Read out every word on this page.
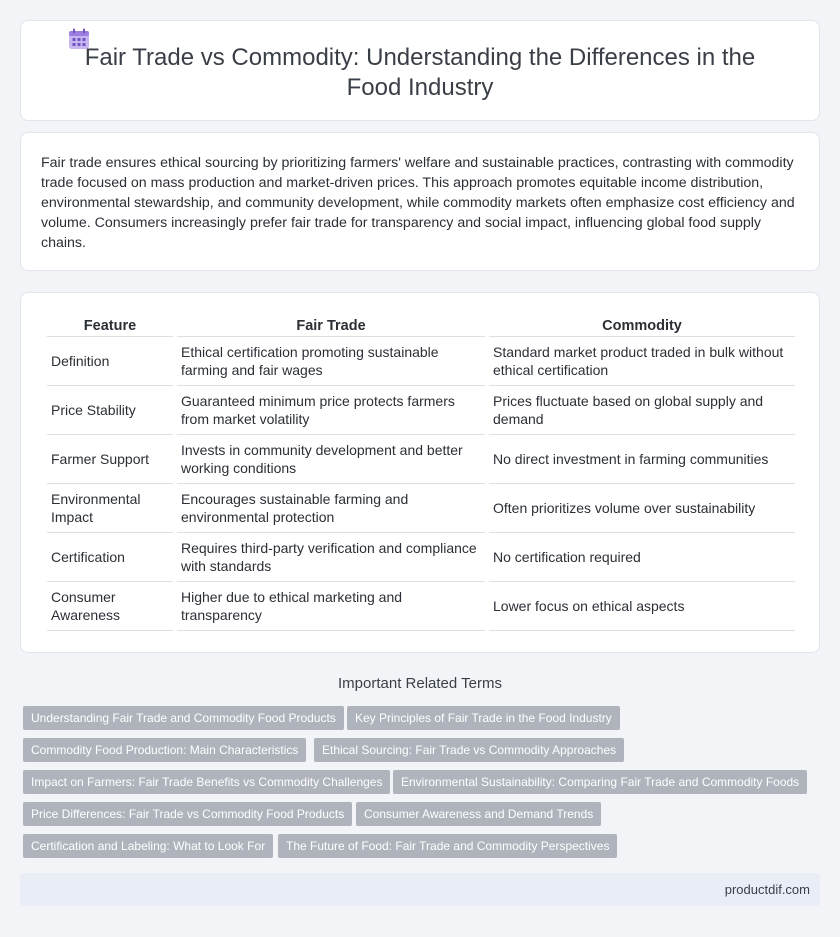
Fair Trade vs Commodity: Understanding the Differences in the Food Industry

Fair trade ensures ethical sourcing by prioritizing farmers' welfare and sustainable practices, contrasting with commodity trade focused on mass production and market-driven prices. This approach promotes equitable income distribution, environmental stewardship, and community development, while commodity markets often emphasize cost efficiency and volume. Consumers increasingly prefer fair trade for transparency and social impact, influencing global food supply chains.

Feature	Fair Trade	Commodity
Definition	Ethical certification promoting sustainable farming and fair wages	Standard market product traded in bulk without ethical certification
Price Stability	Guaranteed minimum price protects farmers from market volatility	Prices fluctuate based on global supply and demand
Farmer Support	Invests in community development and better working conditions	No direct investment in farming communities
Environmental Impact	Encourages sustainable farming and environmental protection	Often prioritizes volume over sustainability
Certification	Requires third-party verification and compliance with standards	No certification required
Consumer Awareness	Higher due to ethical marketing and transparency	Lower focus on ethical aspects
Important Related Terms
Understanding Fair Trade and Commodity Food Products	Key Principles of Fair Trade in the Food Industry
Commodity Food Production: Main Characteristics	Ethical Sourcing: Fair Trade vs Commodity Approaches
Impact on Farmers: Fair Trade Benefits vs Commodity Challenges	Environmental Sustainability: Comparing Fair Trade and Commodity Foods
Price Differences: Fair Trade vs Commodity Food Products	Consumer Awareness and Demand Trends
Certification and Labeling: What to Look For	The Future of Food: Fair Trade and Commodity Perspectives
productdif.com
